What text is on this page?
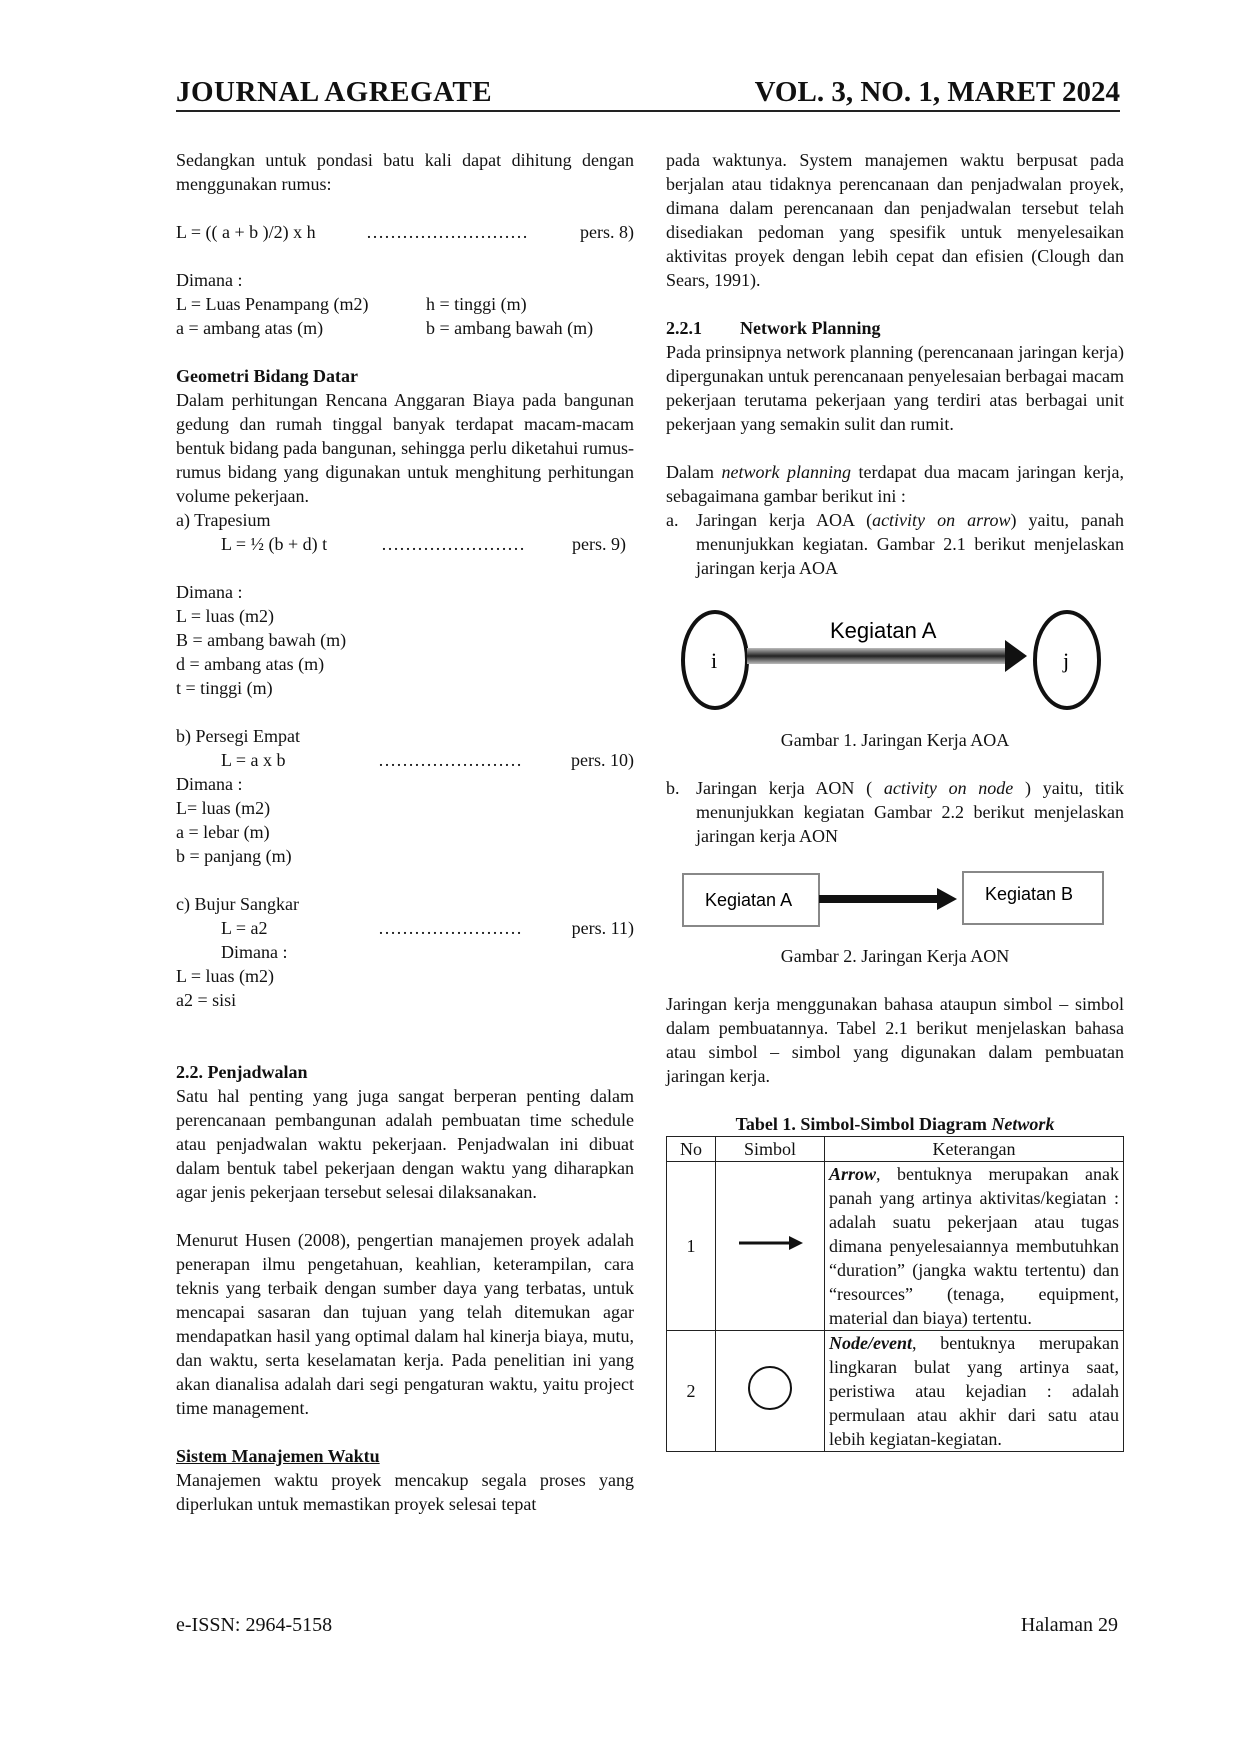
JOURNAL AGREGATE	VOL. 3, NO. 1, MARET 2024

Sedangkan untuk pondasi batu kali dapat dihitung dengan menggunakan rumus:

L = (( a + b )/2) x h	………………………	pers. 8)

Dimana :

L = Luas Penampang (m2)	h = tinggi (m)
a = ambang atas (m)	b = ambang bawah (m)

Geometri Bidang Datar

Dalam perhitungan Rencana Anggaran Biaya pada bangunan gedung dan rumah tinggal banyak terdapat macam-macam bentuk bidang pada bangunan, sehingga perlu diketahui rumus-rumus bidang yang digunakan untuk menghitung perhitungan volume pekerjaan.

a) Trapesium

L = ½ (b + d) t	……………………	pers. 9)

Dimana :

L = luas (m2)

B = ambang bawah (m)

d = ambang atas (m)

t = tinggi (m)

b) Persegi Empat

L = a x b	……………………	pers. 10)

Dimana :

L= luas (m2)

a = lebar (m)

b = panjang (m)

c) Bujur Sangkar

L = a2	……………………	pers. 11)

Dimana :

L = luas (m2)

a2 = sisi

2.2. Penjadwalan

Satu hal penting yang juga sangat berperan penting dalam perencanaan pembangunan adalah pembuatan time schedule atau penjadwalan waktu pekerjaan. Penjadwalan ini dibuat dalam bentuk tabel pekerjaan dengan waktu yang diharapkan agar jenis pekerjaan tersebut selesai dilaksanakan.

Menurut Husen (2008), pengertian manajemen proyek adalah penerapan ilmu pengetahuan, keahlian, keterampilan, cara teknis yang terbaik dengan sumber daya yang terbatas, untuk mencapai sasaran dan tujuan yang telah ditemukan agar mendapatkan hasil yang optimal dalam hal kinerja biaya, mutu, dan waktu, serta keselamatan kerja. Pada penelitian ini yang akan dianalisa adalah dari segi pengaturan waktu, yaitu project time management.

Sistem Manajemen Waktu

Manajemen waktu proyek mencakup segala proses yang diperlukan untuk memastikan proyek selesai tepat

pada waktunya. System manajemen waktu berpusat pada berjalan atau tidaknya perencanaan dan penjadwalan proyek, dimana dalam perencanaan dan penjadwalan tersebut telah disediakan pedoman yang spesifik untuk menyelesaikan aktivitas proyek dengan lebih cepat dan efisien (Clough dan Sears, 1991).

2.2.1 Network Planning

Pada prinsipnya network planning (perencanaan jaringan kerja) dipergunakan untuk perencanaan penyelesaian berbagai macam pekerjaan terutama pekerjaan yang terdiri atas berbagai unit pekerjaan yang semakin sulit dan rumit.

Dalam network planning terdapat dua macam jaringan kerja, sebagaimana gambar berikut ini :

a. Jaringan kerja AOA (activity on arrow) yaitu, panah menunjukkan kegiatan. Gambar 2.1 berikut menjelaskan jaringan kerja AOA
i
Kegiatan A
j

Gambar 1. Jaringan Kerja AOA

b. Jaringan kerja AON ( activity on node ) yaitu, titik menunjukkan kegiatan Gambar 2.2 berikut menjelaskan jaringan kerja AON
Kegiatan A	Kegiatan B

Gambar 2. Jaringan Kerja AON

Jaringan kerja menggunakan bahasa ataupun simbol – simbol dalam pembuatannya. Tabel 2.1 berikut menjelaskan bahasa atau simbol – simbol yang digunakan dalam pembuatan jaringan kerja.

Tabel 1. Simbol-Simbol Diagram Network

No	Simbol	Keterangan
1		Arrow, bentuknya merupakan anak panah yang artinya aktivitas/kegiatan : adalah suatu pekerjaan atau tugas dimana penyelesaiannya membutuhkan “duration” (jangka waktu tertentu) dan “resources” (tenaga, equipment, material dan biaya) tertentu.
2		Node/event, bentuknya merupakan lingkaran bulat yang artinya saat, peristiwa atau kejadian : adalah permulaan atau akhir dari satu atau lebih kegiatan-kegiatan.
e-ISSN: 2964-5158	Halaman 29
